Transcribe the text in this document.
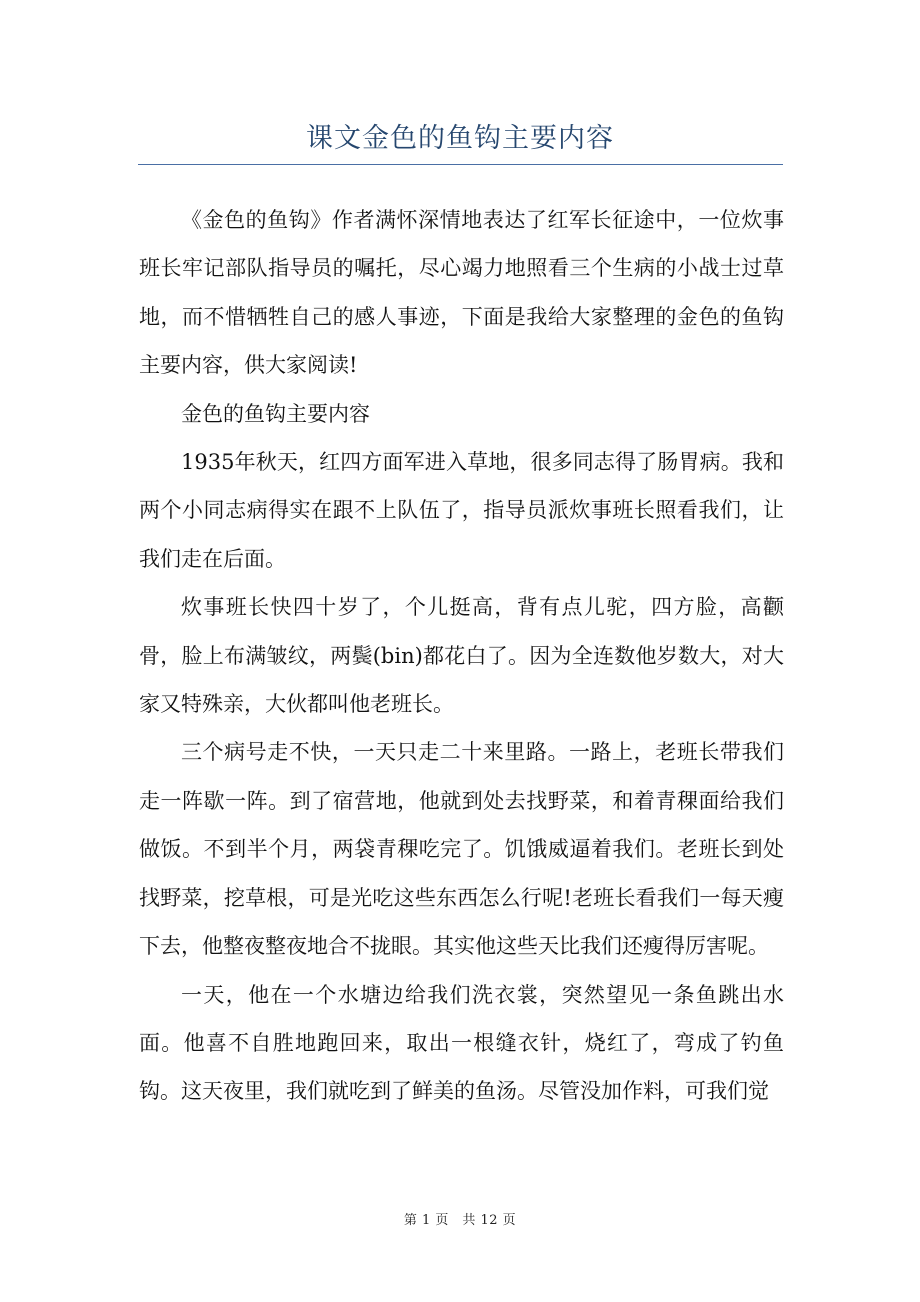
课文金色的鱼钩主要内容

《金色的鱼钩》作者满怀深情地表达了红军长征途中，一位炊事班长牢记部队指导员的嘱托，尽心竭力地照看三个生病的小战士过草地，而不惜牺牲自己的感人事迹，下面是我给大家整理的金色的鱼钩主要内容，供大家阅读!

金色的鱼钩主要内容

1935年秋天，红四方面军进入草地，很多同志得了肠胃病。我和两个小同志病得实在跟不上队伍了，指导员派炊事班长照看我们，让我们走在后面。

炊事班长快四十岁了，个儿挺高，背有点儿驼，四方脸，高颧骨，脸上布满皱纹，两鬓(bin)都花白了。因为全连数他岁数大，对大家又特殊亲，大伙都叫他老班长。

三个病号走不快，一天只走二十来里路。一路上，老班长带我们走一阵歇一阵。到了宿营地，他就到处去找野菜，和着青稞面给我们做饭。不到半个月，两袋青稞吃完了。饥饿威逼着我们。老班长到处找野菜，挖草根，可是光吃这些东西怎么行呢!老班长看我们一每天瘦下去，他整夜整夜地合不拢眼。其实他这些天比我们还瘦得厉害呢。

一天，他在一个水塘边给我们洗衣裳，突然望见一条鱼跳出水面。他喜不自胜地跑回来，取出一根缝衣针，烧红了，弯成了钓鱼钩。这天夜里，我们就吃到了鲜美的鱼汤。尽管没加作料，可我们觉

第 1 页　共 12 页
